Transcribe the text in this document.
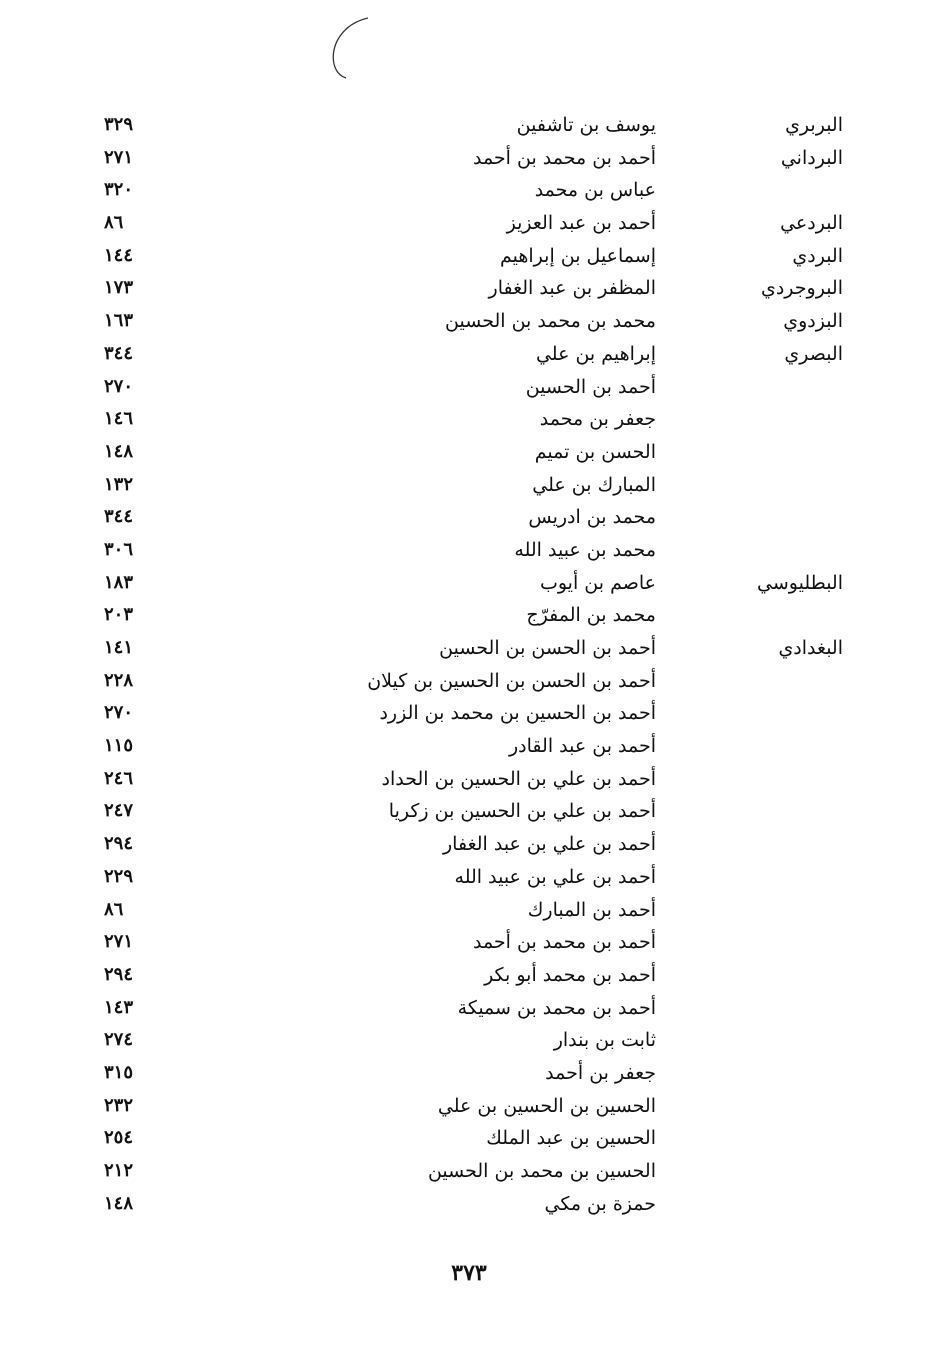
البربري
يوسف بن تاشفين
٣٢٩
البرداني
أحمد بن محمد بن أحمد
٢٧١
عباس بن محمد
٣٢٠
البردعي
أحمد بن عبد العزيز
٨٦
البردي
إسماعيل بن إبراهيم
١٤٤
البروجردي
المظفر بن عبد الغفار
١٧٣
البزدوي
محمد بن محمد بن الحسين
١٦٣
البصري
إبراهيم بن علي
٣٤٤
أحمد بن الحسين
٢٧٠
جعفر بن محمد
١٤٦
الحسن بن تميم
١٤٨
المبارك بن علي
١٣٢
محمد بن ادريس
٣٤٤
محمد بن عبيد الله
٣٠٦
البطليوسي
عاصم بن أيوب
١٨٣
محمد بن المفرّج
٢٠٣
البغدادي
أحمد بن الحسن بن الحسين
١٤١
أحمد بن الحسن بن الحسين بن كيلان
٢٢٨
أحمد بن الحسين بن محمد بن الزرد
٢٧٠
أحمد بن عبد القادر
١١٥
أحمد بن علي بن الحسين بن الحداد
٢٤٦
أحمد بن علي بن الحسين بن زكريا
٢٤٧
أحمد بن علي بن عبد الغفار
٢٩٤
أحمد بن علي بن عبيد الله
٢٢٩
أحمد بن المبارك
٨٦
أحمد بن محمد بن أحمد
٢٧١
أحمد بن محمد أبو بكر
٢٩٤
أحمد بن محمد بن سميكة
١٤٣
ثابت بن بندار
٢٧٤
جعفر بن أحمد
٣١٥
الحسين بن الحسين بن علي
٢٣٢
الحسين بن عبد الملك
٢٥٤
الحسين بن محمد بن الحسين
٢١٢
حمزة بن مكي
١٤٨
٣٧٣
